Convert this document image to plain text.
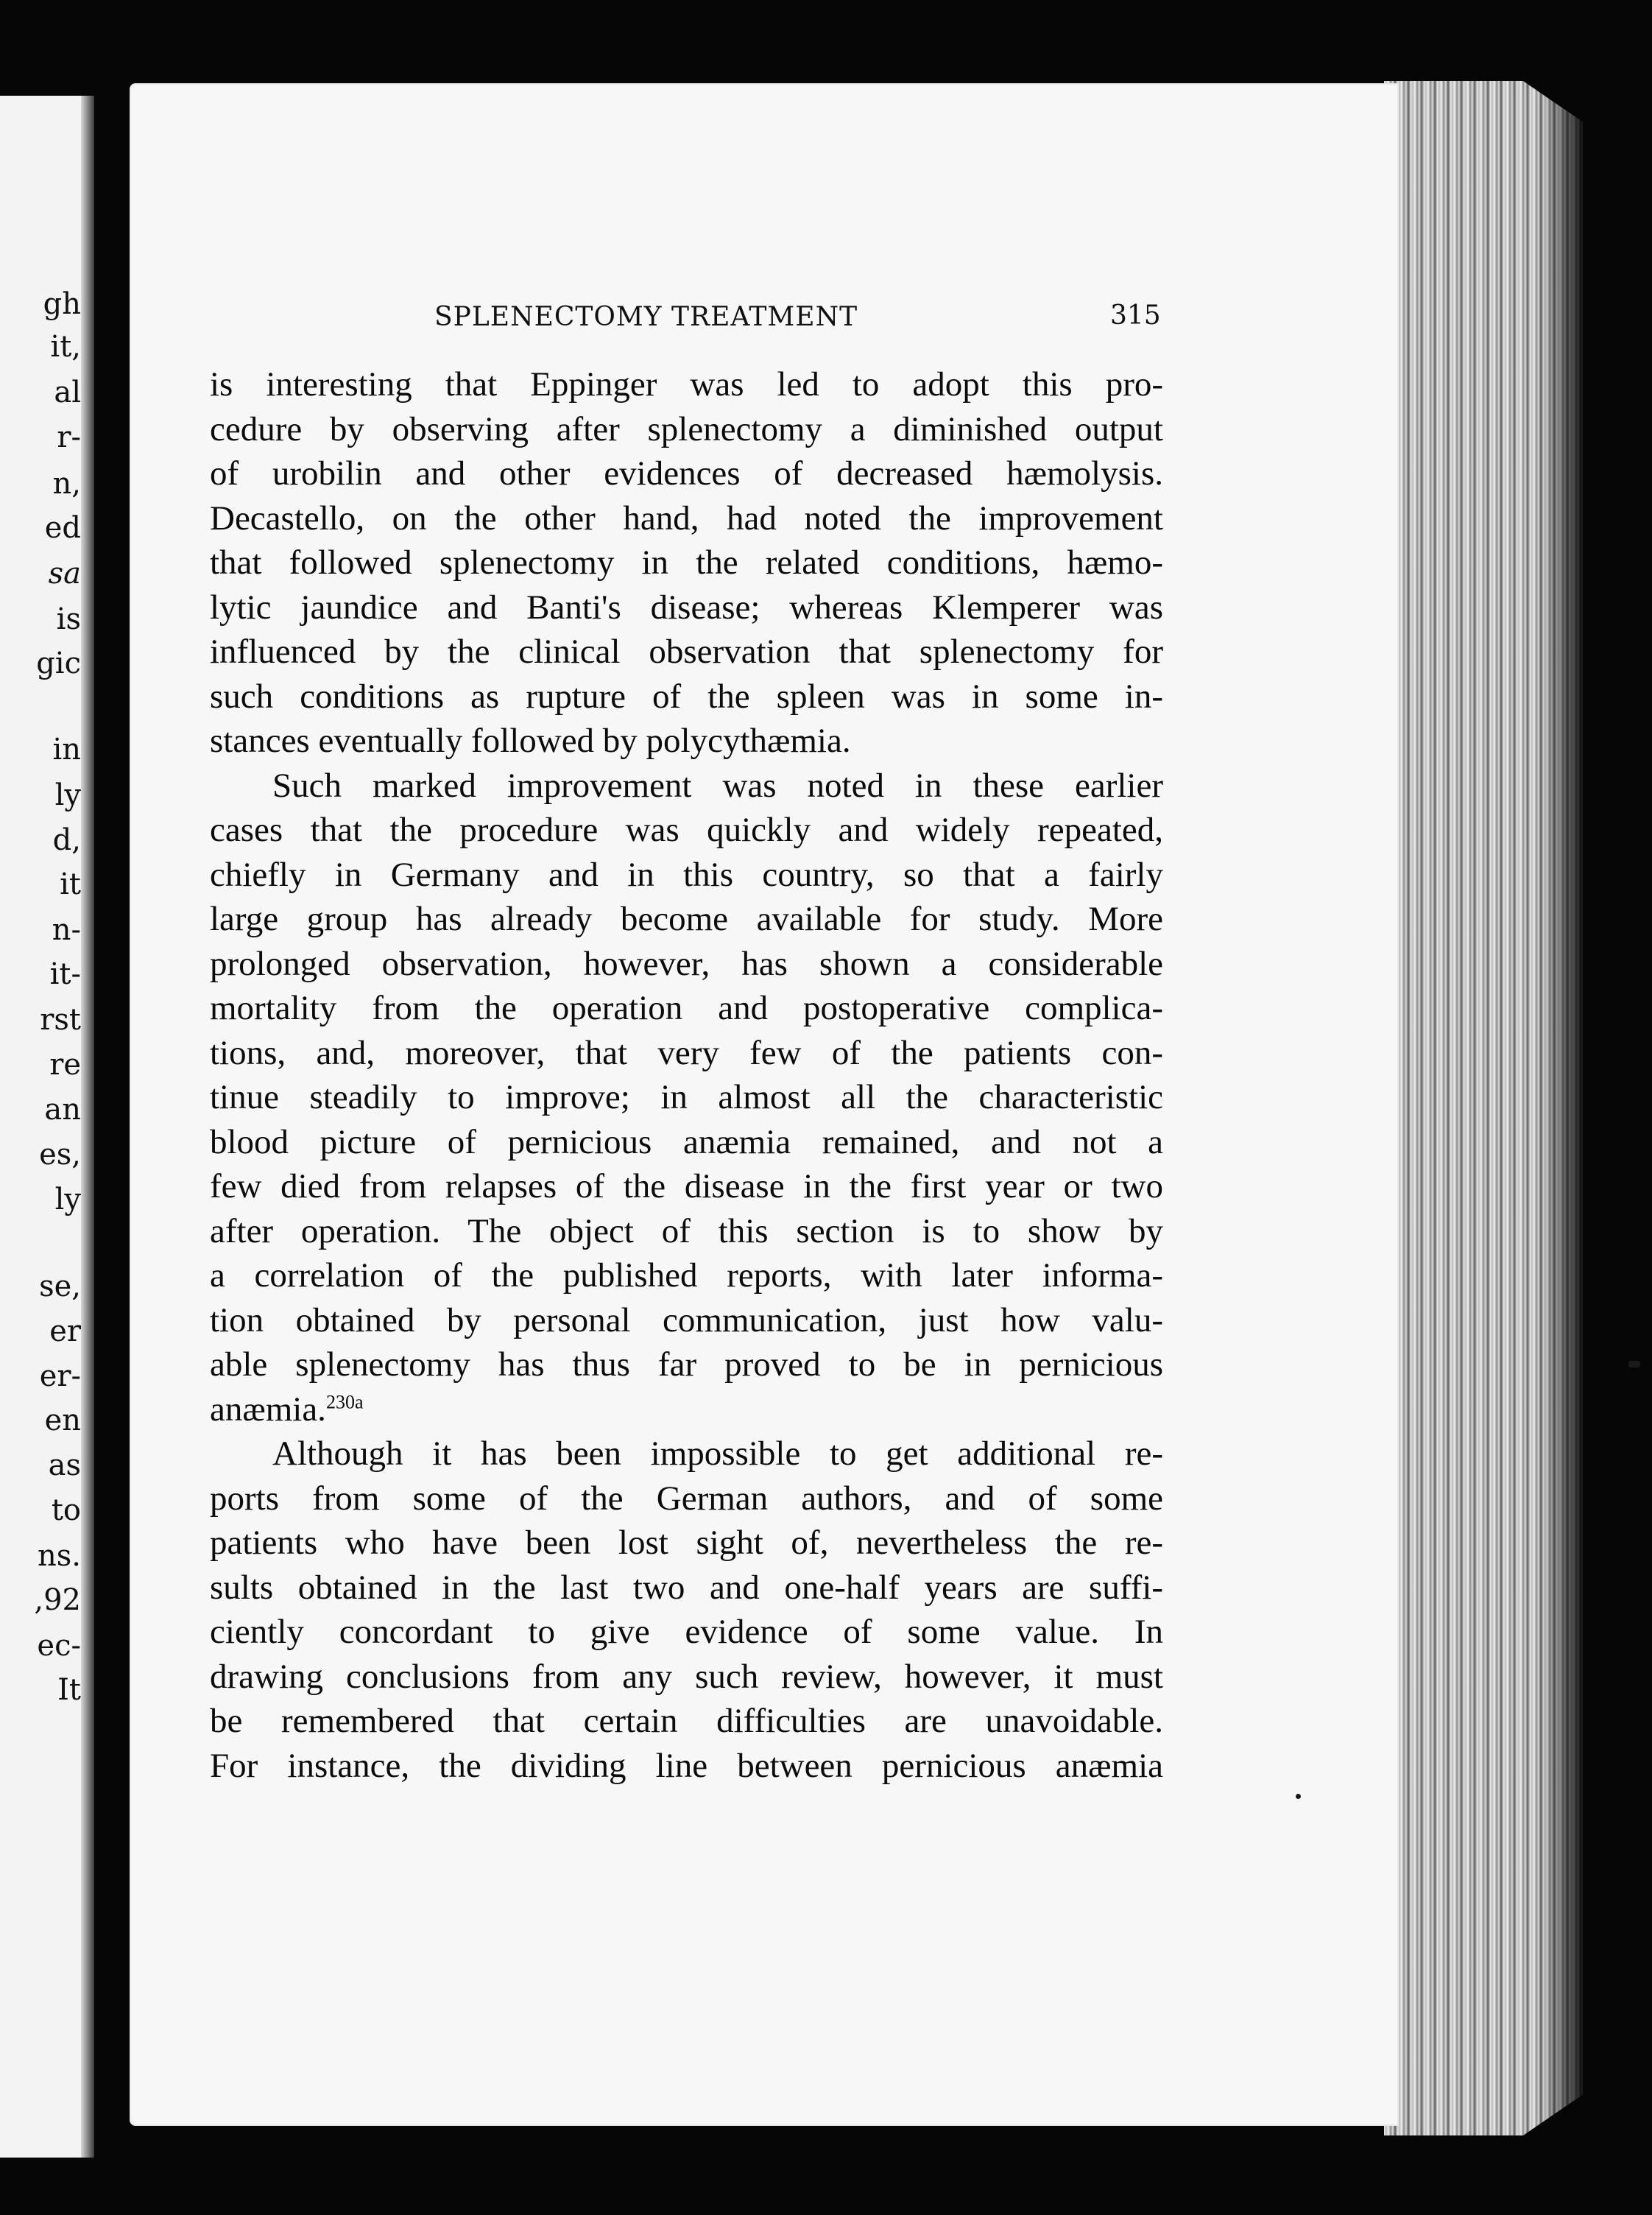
gh
it,
al
r-
n,
ed
sa
is
gic
in
ly
d,
it
n-
it-
rst
re
an
es,
ly
se,
er
er-
en
as
to
ns.
,92
ec-
It
SPLENECTOMY TREATMENT	315
is interesting that Eppinger was led to adopt this pro-
cedure by observing after splenectomy a diminished output
of urobilin and other evidences of decreased hæmolysis.
Decastello, on the other hand, had noted the improvement
that followed splenectomy in the related conditions, hæmo-
lytic jaundice and Banti's disease; whereas Klemperer was
influenced by the clinical observation that splenectomy for
such conditions as rupture of the spleen was in some in-
stances eventually followed by polycythæmia.
Such marked improvement was noted in these earlier
cases that the procedure was quickly and widely repeated,
chiefly in Germany and in this country, so that a fairly
large group has already become available for study. More
prolonged observation, however, has shown a considerable
mortality from the operation and postoperative complica-
tions, and, moreover, that very few of the patients con-
tinue steadily to improve; in almost all the characteristic
blood picture of pernicious anæmia remained, and not a
few died from relapses of the disease in the first year or two
after operation. The object of this section is to show by
a correlation of the published reports, with later informa-
tion obtained by personal communication, just how valu-
able splenectomy has thus far proved to be in pernicious
anæmia.$^{230a}$
Although it has been impossible to get additional re-
ports from some of the German authors, and of some
patients who have been lost sight of, nevertheless the re-
sults obtained in the last two and one-half years are suffi-
ciently concordant to give evidence of some value. In
drawing conclusions from any such review, however, it must
be remembered that certain difficulties are unavoidable.
For instance, the dividing line between pernicious anæmia
